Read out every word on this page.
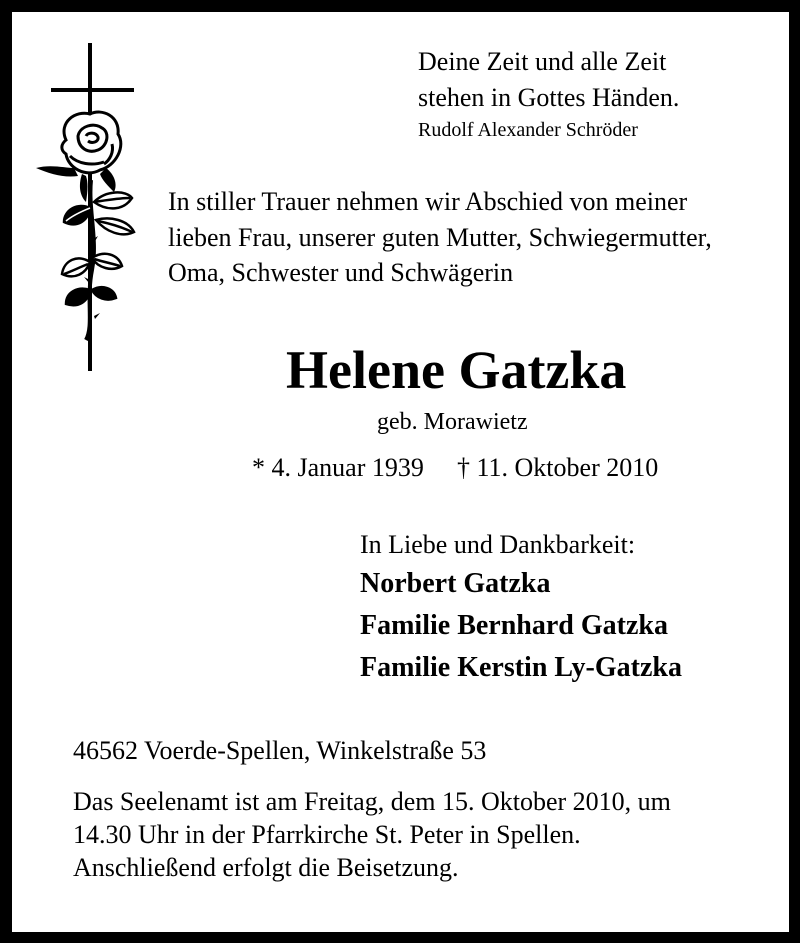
Deine Zeit und alle Zeit
stehen in Gottes Händen.
Rudolf Alexander Schröder
In stiller Trauer nehmen wir Abschied von meiner
lieben Frau, unserer guten Mutter, Schwiegermutter,
Oma, Schwester und Schwägerin
Helene Gatzka
geb. Morawietz
* 4. Januar 1939 † 11. Oktober 2010
In Liebe und Dankbarkeit:
Norbert Gatzka
Familie Bernhard Gatzka
Familie Kerstin Ly-Gatzka
46562 Voerde-Spellen, Winkelstraße 53
Das Seelenamt ist am Freitag, dem 15. Oktober 2010, um
14.30 Uhr in der Pfarrkirche St. Peter in Spellen.
Anschließend erfolgt die Beisetzung.
